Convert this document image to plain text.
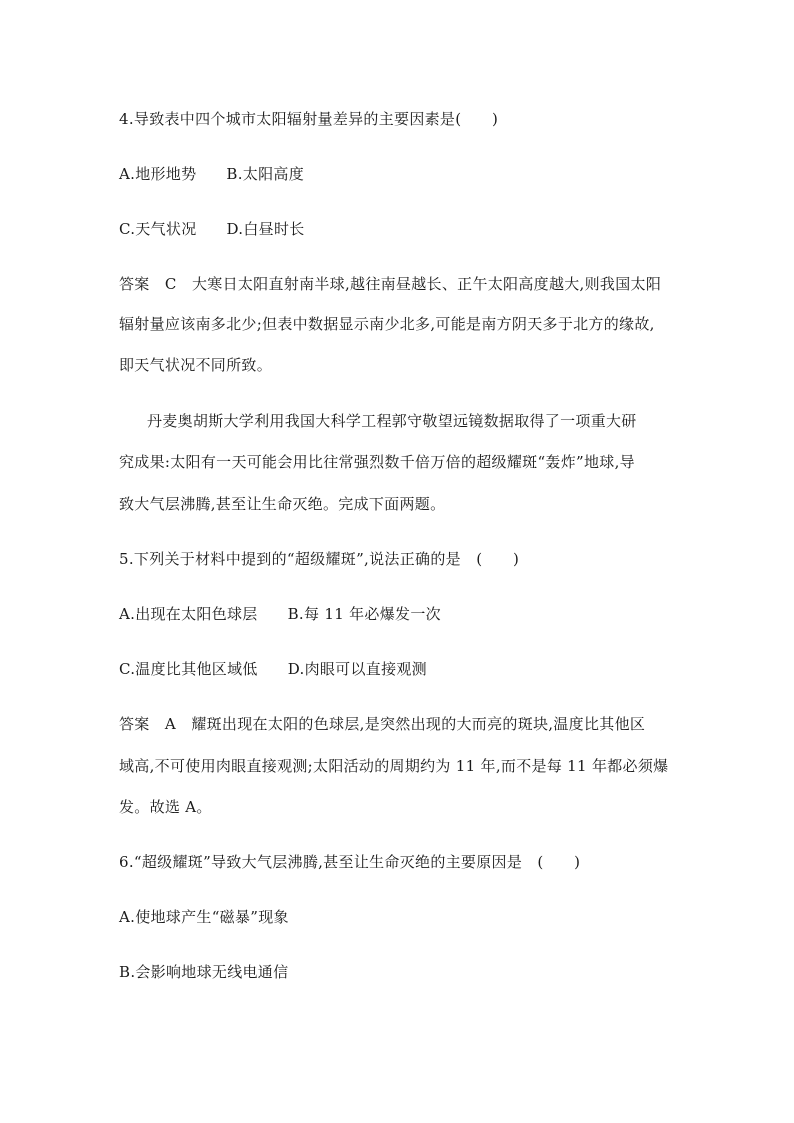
4.导致表中四个城市太阳辐射量差异的主要因素是(　　)
A.地形地势 B.太阳高度
C.天气状况 D.白昼时长
答案　C　大寒日太阳直射南半球,越往南昼越长、正午太阳高度越大,则我国太阳
辐射量应该南多北少;但表中数据显示南少北多,可能是南方阴天多于北方的缘故,
即天气状况不同所致。
丹麦奥胡斯大学利用我国大科学工程郭守敬望远镜数据取得了一项重大研
究成果:太阳有一天可能会用比往常强烈数千倍万倍的超级耀斑“轰炸”地球,导
致大气层沸腾,甚至让生命灭绝。完成下面两题。
5.下列关于材料中提到的“超级耀斑”,说法正确的是　(　　)
A.出现在太阳色球层 B.每 11 年必爆发一次
C.温度比其他区域低 D.肉眼可以直接观测
答案　A　耀斑出现在太阳的色球层,是突然出现的大而亮的斑块,温度比其他区
域高,不可使用肉眼直接观测;太阳活动的周期约为 11 年,而不是每 11 年都必须爆
发。故选 A。
6.“超级耀斑”导致大气层沸腾,甚至让生命灭绝的主要原因是　(　　)
A.使地球产生“磁暴”现象
B.会影响地球无线电通信
